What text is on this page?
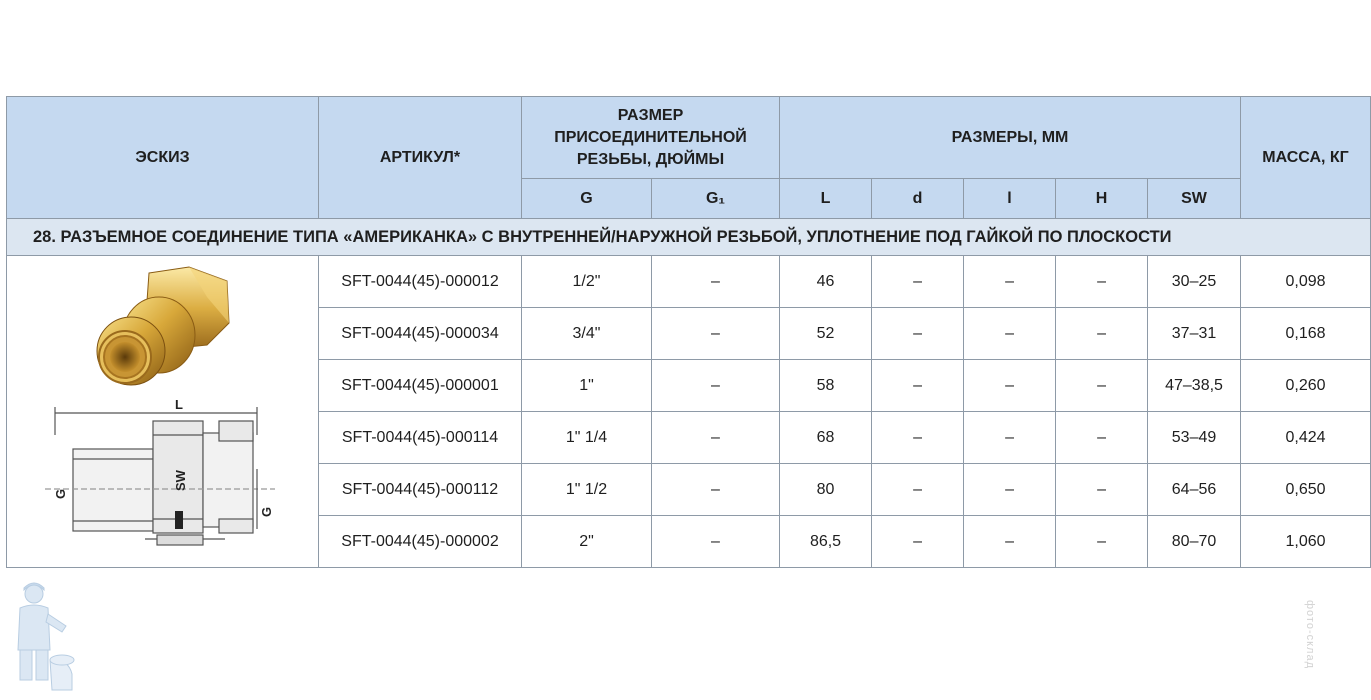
ЭСКИЗ	АРТИКУЛ*	РАЗМЕР ПРИСОЕДИНИТЕЛЬНОЙ РЕЗЬБЫ, ДЮЙМЫ		РАЗМЕРЫ, ММ					МАССА, КГ
		G	G₁	L	d	l	H	SW	
28. РАЗЪЕМНОЕ СОЕДИНЕНИЕ ТИПА «АМЕРИКАНКА» С ВНУТРЕННЕЙ/НАРУЖНОЙ РЕЗЬБОЙ, УПЛОТНЕНИЕ ПОД ГАЙКОЙ ПО ПЛОСКОСТИ									

L
SW
G
G	SFT-0044(45)-000012	1/2"	–	46	–	–	–	30–25	0,098
	SFT-0044(45)-000034	3/4"	–	52	–	–	–	37–31	0,168
	SFT-0044(45)-000001	1"	–	58	–	–	–	47–38,5	0,260
	SFT-0044(45)-000114	1" 1/4	–	68	–	–	–	53–49	0,424
	SFT-0044(45)-000112	1" 1/2	–	80	–	–	–	64–56	0,650
	SFT-0044(45)-000002	2"	–	86,5	–	–	–	80–70	1,060
фото-склад
